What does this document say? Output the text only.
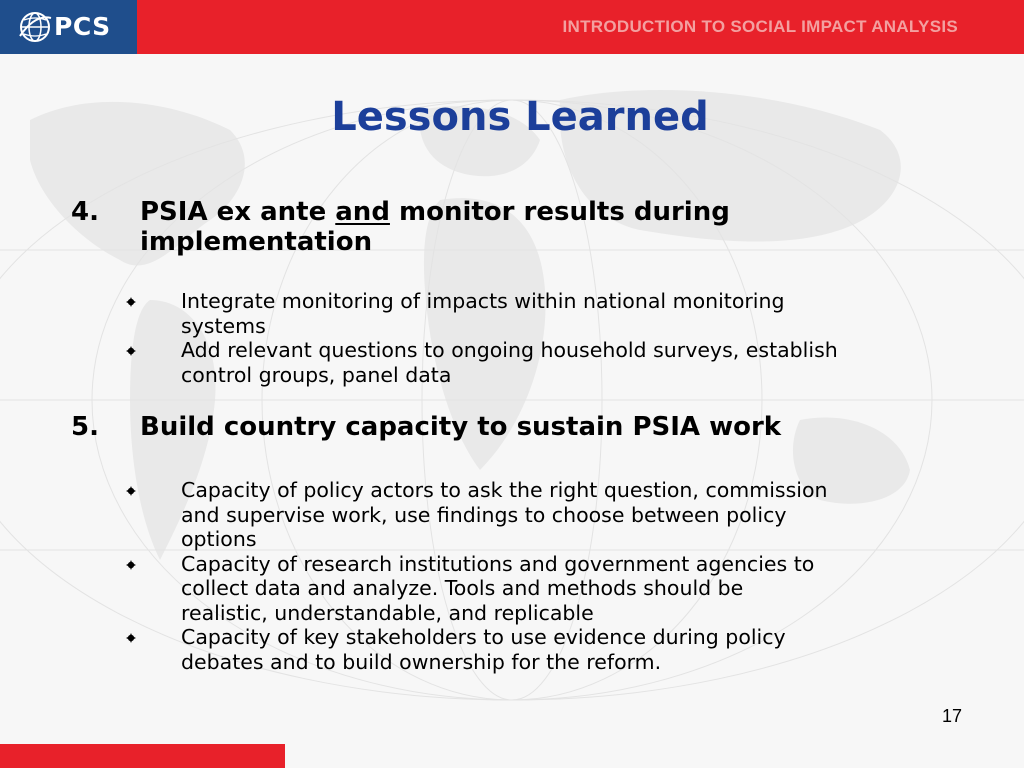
PCS	INTRODUCTION TO SOCIAL IMPACT ANALYSIS
Lessons Learned
4. PSIA ex ante and monitor results during
implementation
Integrate monitoring of impacts within national monitoring
systems
Add relevant questions to ongoing household surveys, establish
control groups, panel data
5. Build country capacity to sustain PSIA work
Capacity of policy actors to ask the right question, commission
and supervise work, use findings to choose between policy
options
Capacity of research institutions and government agencies to
collect data and analyze. Tools and methods should be
realistic, understandable, and replicable
Capacity of key stakeholders to use evidence during policy
debates and to build ownership for the reform.
17
